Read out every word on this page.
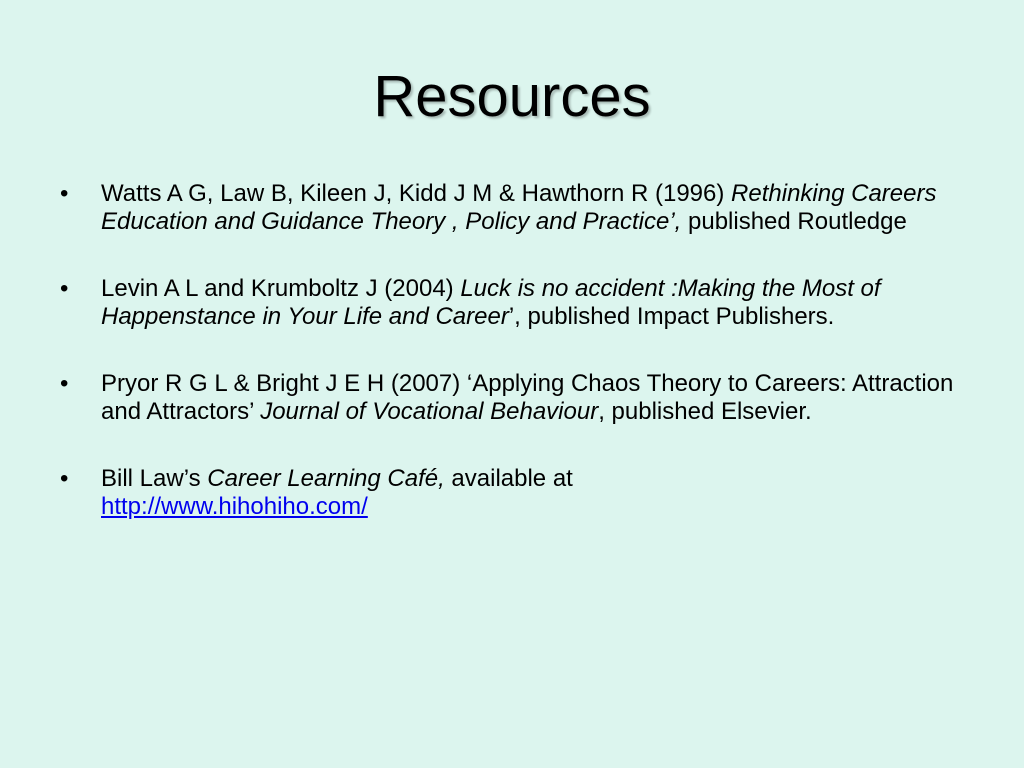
Resources
• Watts A G, Law B, Kileen J, Kidd J M & Hawthorn R (1996) Rethinking Careers Education and Guidance Theory , Policy and Practice’, published Routledge
• Levin A L and Krumboltz J (2004) Luck is no accident :Making the Most of Happenstance in Your Life and Career’, published Impact Publishers.
• Pryor R G L & Bright J E H (2007) ‘Applying Chaos Theory to Careers: Attraction and Attractors’ Journal of Vocational Behaviour, published Elsevier.
• Bill Law’s Career Learning Café, available at
http://www.hihohiho.com/
